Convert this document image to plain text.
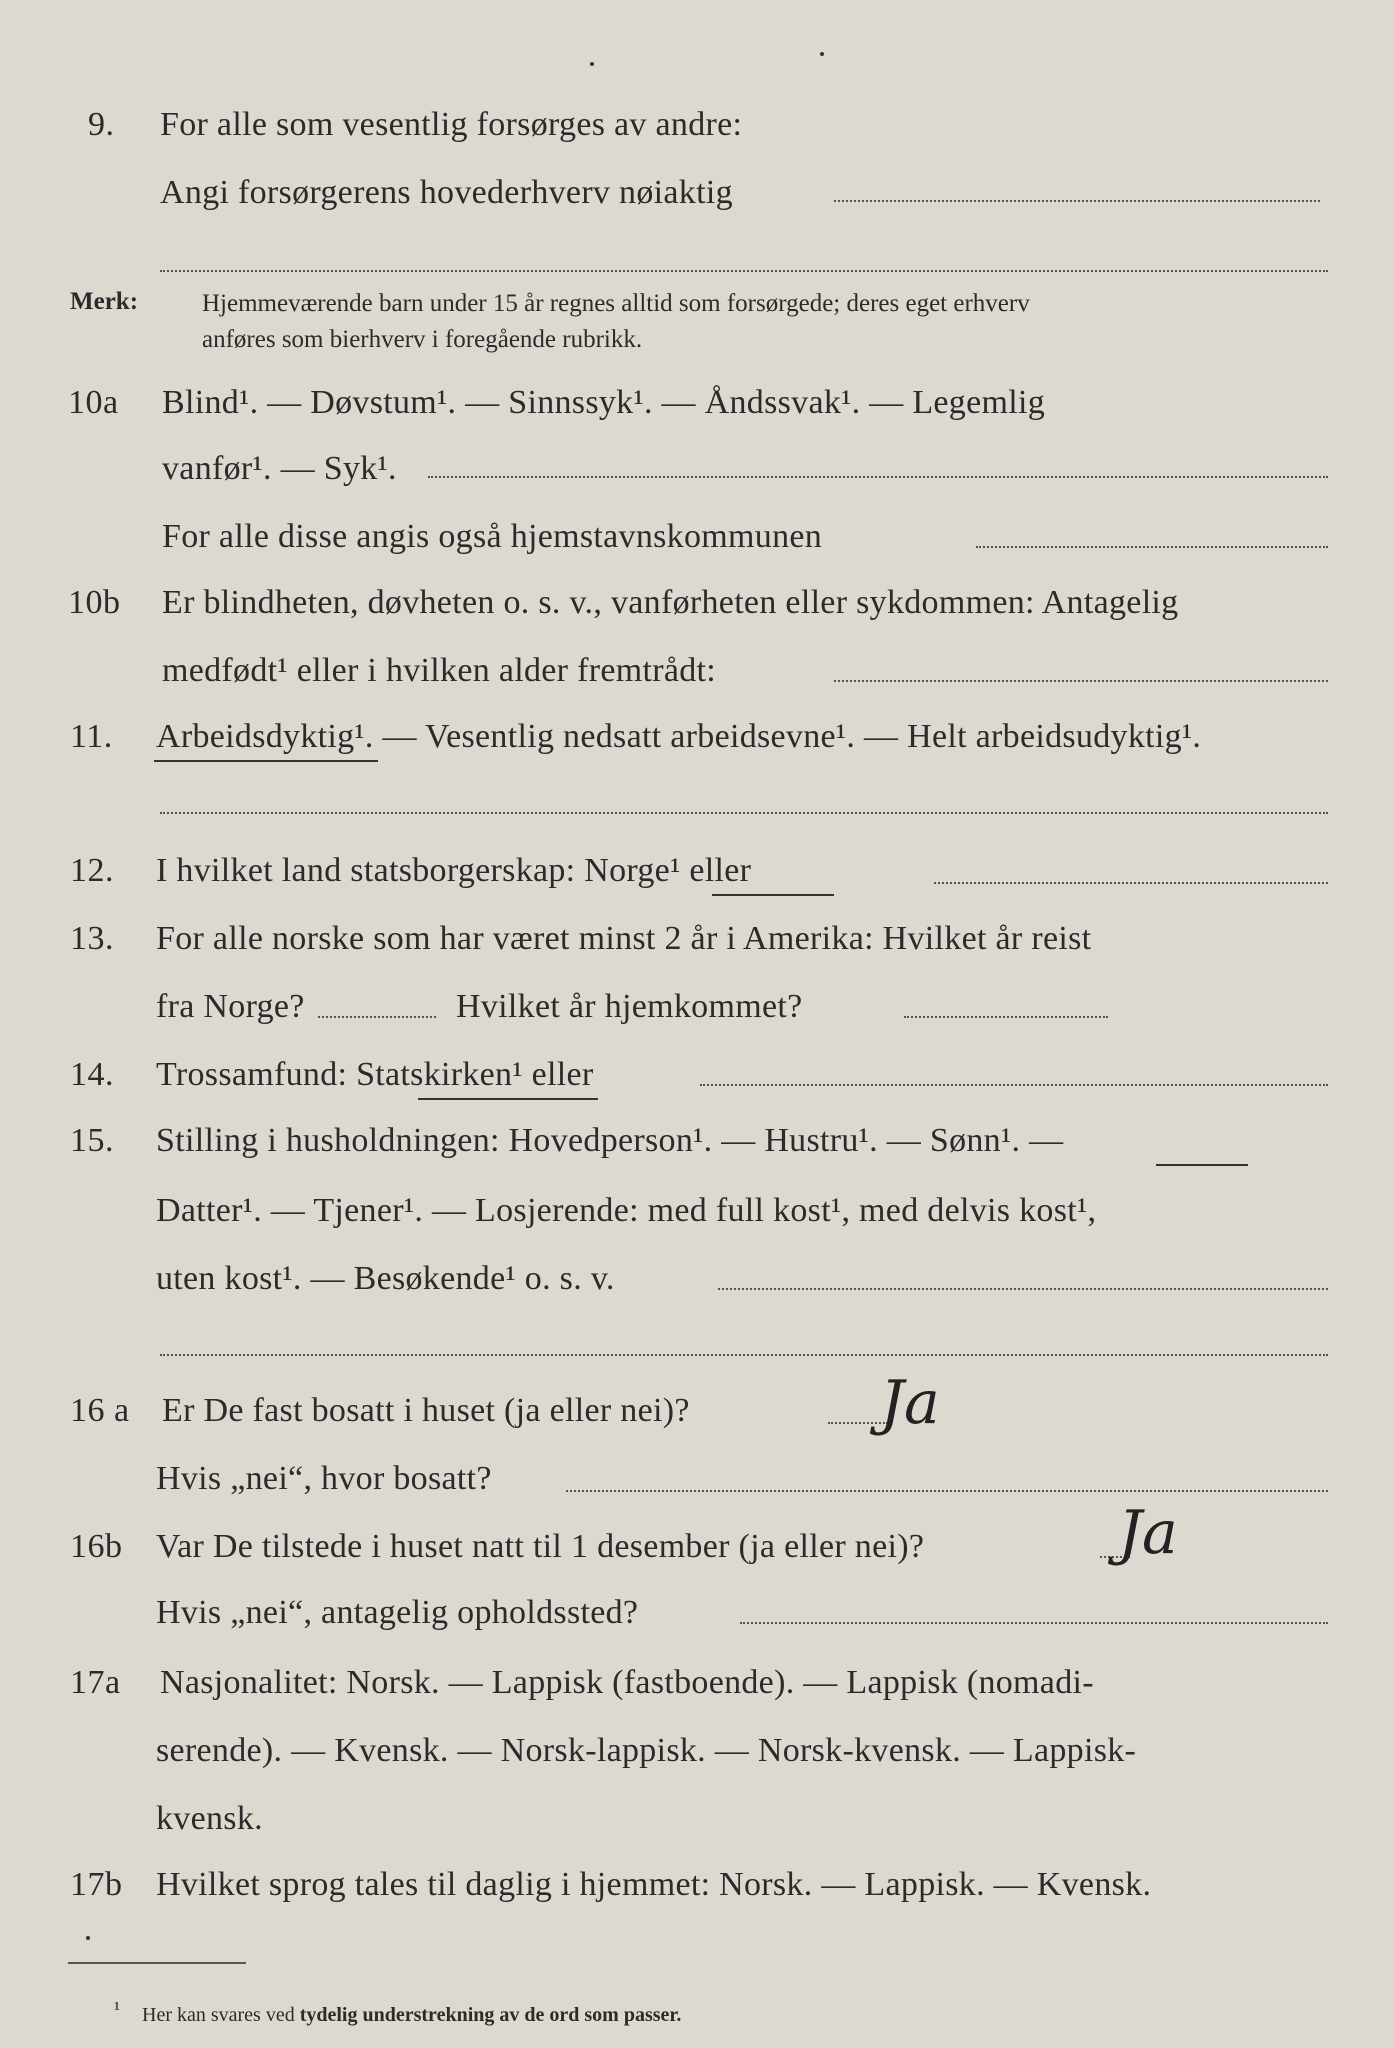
9. For alle som vesentlig forsørges av andre:
Angi forsørgerens hovederhverv nøiaktig
Merk:	Hjemmeværende barn under 15 år regnes alltid som forsørgede; deres eget erhverv
anføres som bierhverv i foregående rubrikk.
10a Blind¹. — Døvstum¹. — Sinnssyk¹. — Åndssvak¹. — Legemlig
vanfør¹. — Syk¹.
For alle disse angis også hjemstavnskommunen
10b Er blindheten, døvheten o. s. v., vanførheten eller sykdommen: Antagelig
medfødt¹ eller i hvilken alder fremtrådt:
11. Arbeidsdyktig¹. — Vesentlig nedsatt arbeidsevne¹. — Helt arbeidsudyktig¹.
12. I hvilket land statsborgerskap: Norge¹ eller
13. For alle norske som har været minst 2 år i Amerika: Hvilket år reist
fra Norge?	Hvilket år hjemkommet?
14. Trossamfund: Statskirken¹ eller
15. Stilling i husholdningen: Hovedperson¹. — Hustru¹. — Sønn¹. —
Datter¹. — Tjener¹. — Losjerende: med full kost¹, med delvis kost¹,
uten kost¹. — Besøkende¹ o. s. v.
16 a Er De fast bosatt i huset (ja eller nei)?	Ja
Hvis „nei“, hvor bosatt?
16b Var De tilstede i huset natt til 1 desember (ja eller nei)?	Ja
Hvis „nei“, antagelig opholdssted?
17a Nasjonalitet: Norsk. — Lappisk (fastboende). — Lappisk (nomadi-
serende). — Kvensk. — Norsk-lappisk. — Norsk-kvensk. — Lappisk-
kvensk.
17b Hvilket sprog tales til daglig i hjemmet: Norsk. — Lappisk. — Kvensk.
¹ Her kan svares ved tydelig understrekning av de ord som passer.
